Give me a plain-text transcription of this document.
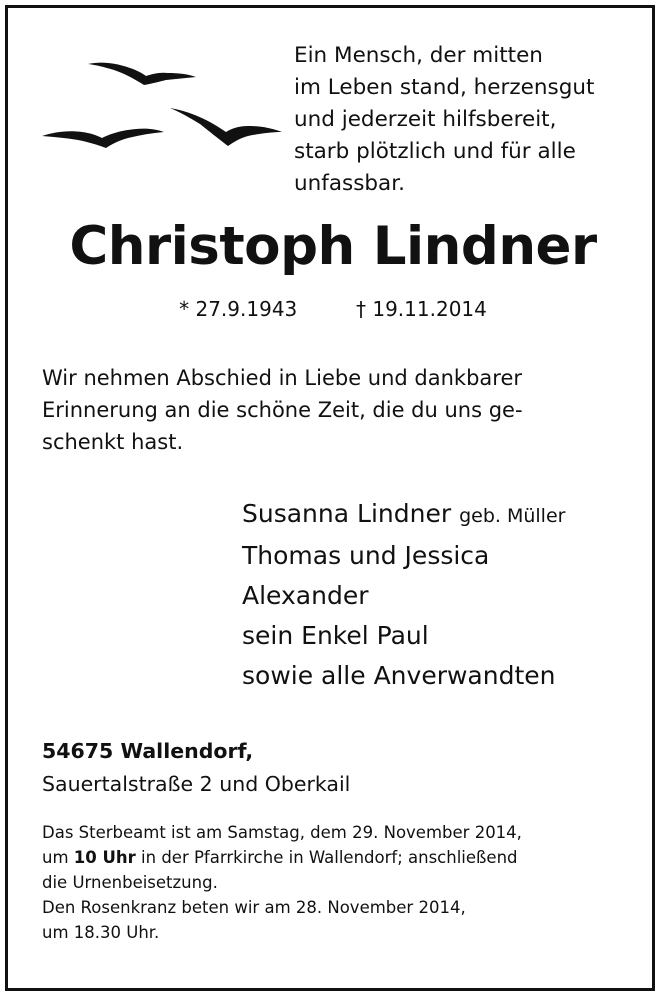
Ein Mensch, der mitten
im Leben stand, herzensgut
und jederzeit hilfsbereit,
starb plötzlich und für alle
unfassbar.
Christoph Lindner
* 27.9.1943	† 19.11.2014
Wir nehmen Abschied in Liebe und dankbarer
Erinnerung an die schöne Zeit, die du uns ge-
schenkt hast.
Susanna Lindner geb. Müller
Thomas und Jessica
Alexander
sein Enkel Paul
sowie alle Anverwandten
54675 Wallendorf,
Sauertalstraße 2 und Oberkail
Das Sterbeamt ist am Samstag, dem 29. November 2014,
um 10 Uhr in der Pfarrkirche in Wallendorf; anschließend
die Urnenbeisetzung.
Den Rosenkranz beten wir am 28. November 2014,
um 18.30 Uhr.
